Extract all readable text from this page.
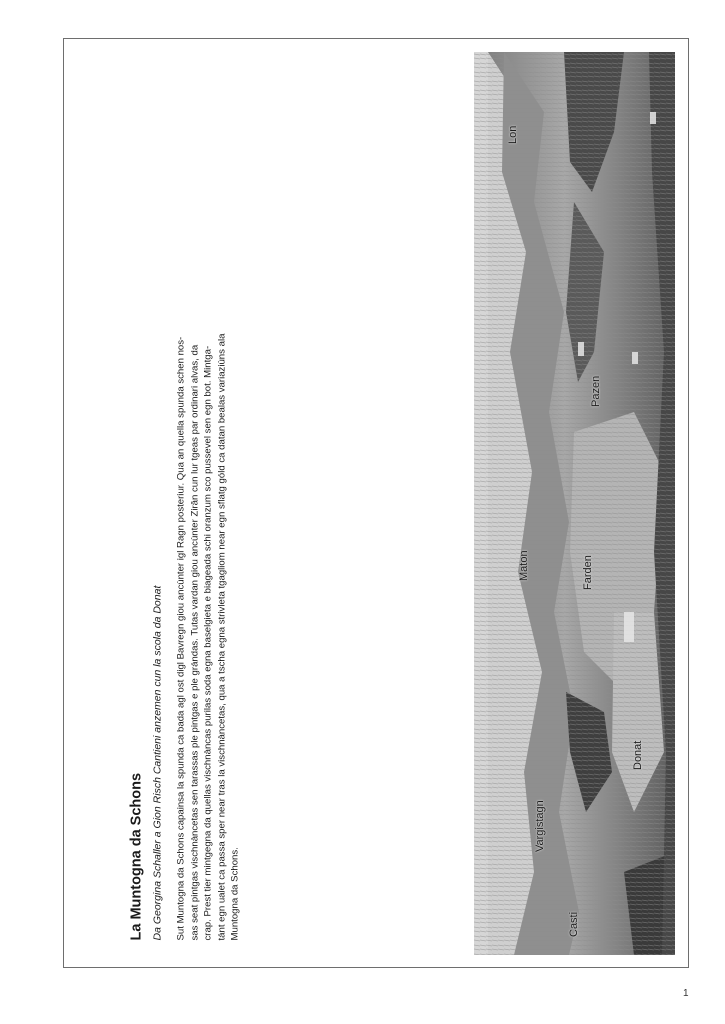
La Muntogna da Schons Da Georgina Schaller a Gion Risch Cantieni anzemen cun la scola da Donat Sut Muntogna da Schons capainsa la spunda ca bada agl ost digl Bavregn giou ancùnter igl Ragn posteriur. Qua an quella spunda schen nos- sas seat pintgas vischnàncetas sen tarassas ple pintgas e ple grándas. Tutas vardan giou ancùnter Zirân cun lur tgeas par ordinari alvas, da crap. Prest tier mintgegna da quellas vischnàncas purilas soda egna baselgieta e biageada schi oranzum sco pussevel sen egn bot. Mintga- tánt egn ualet ca passa sper near tras la vischnàncetas, qua a tscha egna strivleta tgagliom near egn sflatg góld ca datan bealas variaziùns ala Muntogna da Schons.

Lon
Pazen
Maton	Farden
Donat
Vargistagn
Casti
1
